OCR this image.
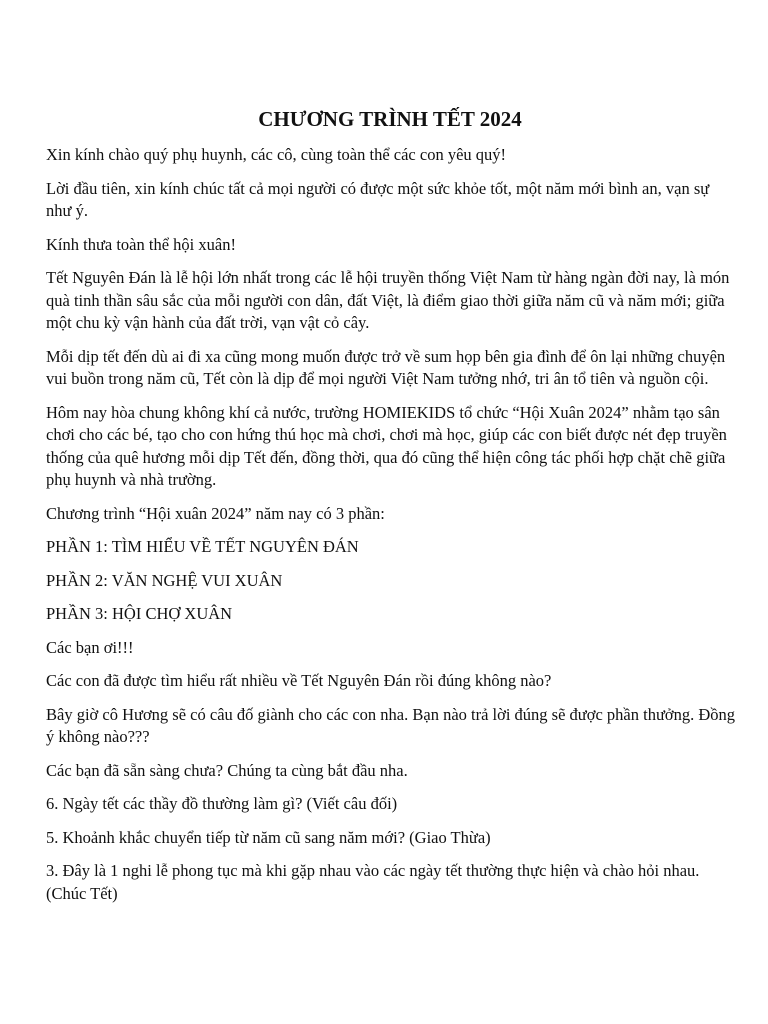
CHƯƠNG TRÌNH TẾT 2024

Xin kính chào quý phụ huynh, các cô, cùng toàn thể các con yêu quý!

Lời đầu tiên, xin kính chúc tất cả mọi người có được một sức khỏe tốt, một năm mới bình an, vạn sự như ý.

Kính thưa toàn thể hội xuân!

Tết Nguyên Đán là lễ hội lớn nhất trong các lễ hội truyền thống Việt Nam từ hàng ngàn đời nay, là món quà tinh thần sâu sắc của mỗi người con dân, đất Việt, là điểm giao thời giữa năm cũ và năm mới; giữa một chu kỳ vận hành của đất trời, vạn vật cỏ cây.

Mỗi dịp tết đến dù ai đi xa cũng mong muốn được trở về sum họp bên gia đình để ôn lại những chuyện vui buồn trong năm cũ, Tết còn là dịp để mọi người Việt Nam tưởng nhớ, tri ân tổ tiên và nguồn cội.

Hôm nay hòa chung không khí cả nước, trường HOMIEKIDS tổ chức “Hội Xuân 2024” nhằm tạo sân chơi cho các bé, tạo cho con hứng thú học mà chơi, chơi mà học, giúp các con biết được nét đẹp truyền thống của quê hương mỗi dịp Tết đến, đồng thời, qua đó cũng thể hiện công tác phối hợp chặt chẽ giữa phụ huynh và nhà trường.

Chương trình “Hội xuân 2024” năm nay có 3 phần:

PHẦN 1: TÌM HIỂU VỀ TẾT NGUYÊN ĐÁN

PHẦN 2: VĂN NGHỆ VUI XUÂN

PHẦN 3: HỘI CHỢ XUÂN

Các bạn ơi!!!

Các con đã được tìm hiểu rất nhiều về Tết Nguyên Đán rồi đúng không nào?

Bây giờ cô Hương sẽ có câu đố giành cho các con nha. Bạn nào trả lời đúng sẽ được phần thưởng. Đồng ý không nào???

Các bạn đã sẵn sàng chưa? Chúng ta cùng bắt đầu nha.

6. Ngày tết các thầy đồ thường làm gì? (Viết câu đối)

5. Khoảnh khắc chuyển tiếp từ năm cũ sang năm mới? (Giao Thừa)

3. Đây là 1 nghi lễ phong tục mà khi gặp nhau vào các ngày tết thường thực hiện và chào hỏi nhau. (Chúc Tết)
